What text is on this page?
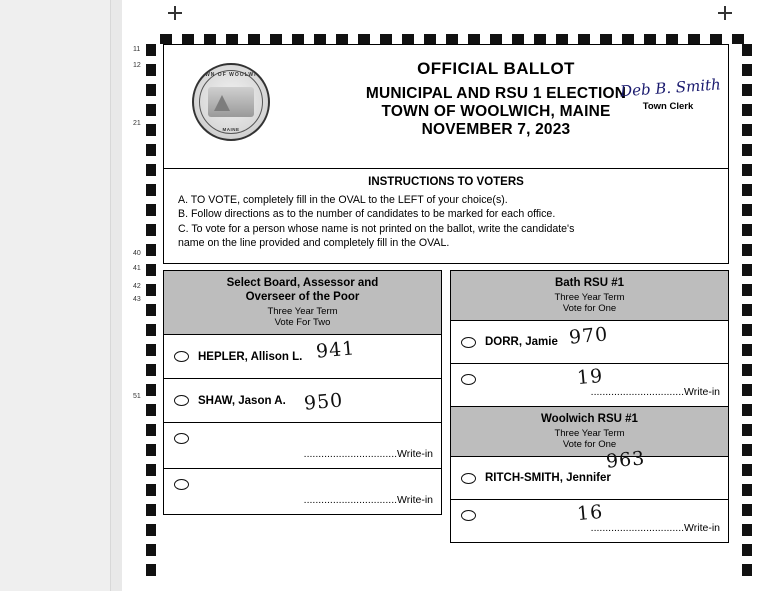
11
12
21
40
41
42
43
51
TOWN OF WOOLWICH
MAINE
OFFICIAL BALLOT
MUNICIPAL AND RSU 1 ELECTION
TOWN OF WOOLWICH, MAINE
NOVEMBER 7, 2023
Deb B. Smith
Town Clerk
INSTRUCTIONS TO VOTERS
A. TO VOTE, completely fill in the OVAL to the LEFT of your choice(s).
B. Follow directions as to the number of candidates to be marked for each office.
C. To vote for a person whose name is not printed on the ballot, write the candidate's
name on the line provided and completely fill in the OVAL.
Select Board, Assessor and
Overseer of the Poor
Three Year Term
Vote For Two
HEPLER, Allison L. 941
SHAW, Jason A. 950
................................Write-in
................................Write-in
Bath RSU #1
Three Year Term
Vote for One
DORR, Jamie 970
................................Write-in
19
Woolwich RSU #1
Three Year Term
Vote for One
RITCH-SMITH, Jennifer
963
................................Write-in
16
